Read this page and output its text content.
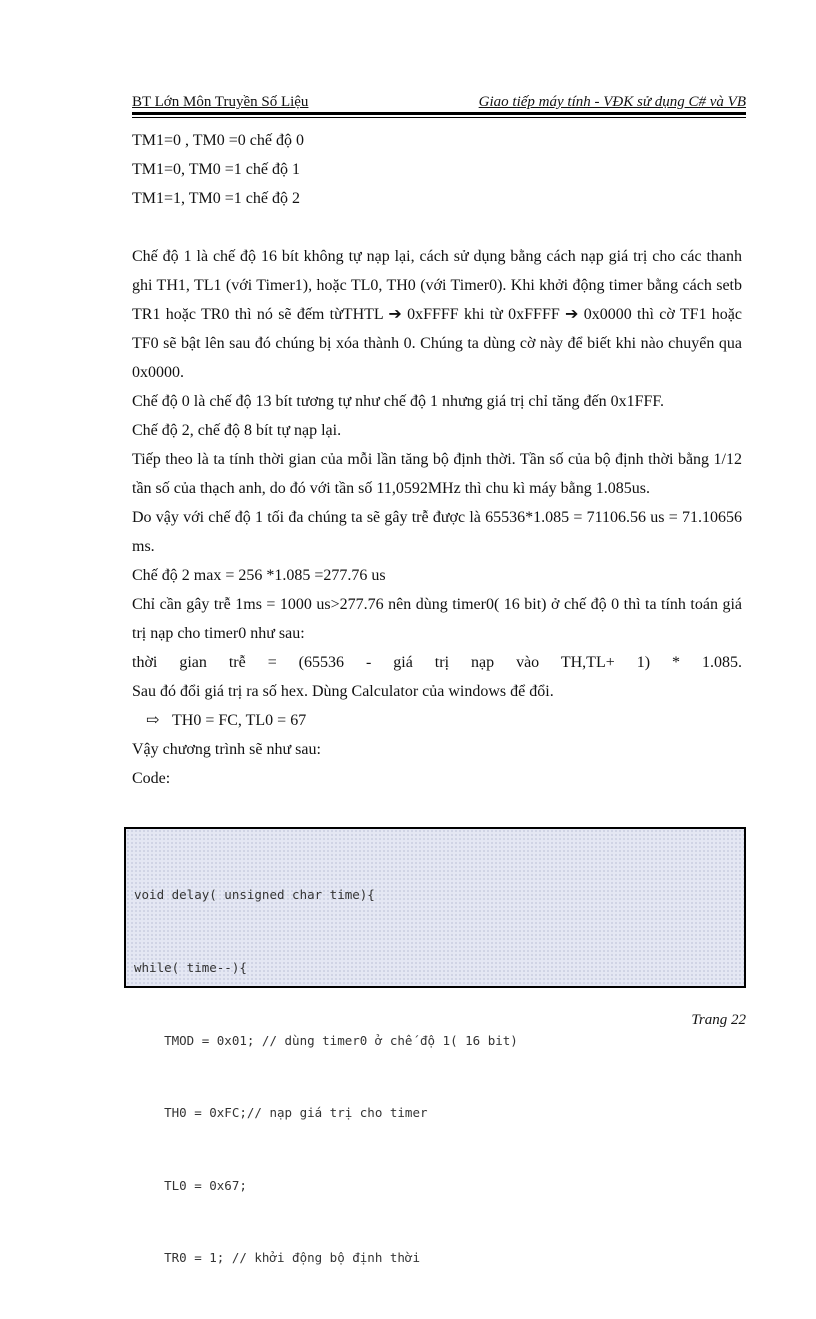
BT Lớn Môn Truyền Số Liệu	Giao tiếp máy tính - VĐK sử dụng C# và VB

TM1=0 , TM0 =0 chế độ 0

TM1=0, TM0 =1 chế độ 1

TM1=1, TM0 =1 chế độ 2

Chế độ 1 là chế độ 16 bít không tự nạp lại, cách sử dụng bằng cách nạp giá trị cho các thanh ghi TH1, TL1 (với Timer1), hoặc TL0, TH0 (với Timer0). Khi khởi động timer bằng cách setb TR1 hoặc TR0 thì nó sẽ đếm từTHTL ➔ 0xFFFF khi từ 0xFFFF ➔ 0x0000 thì cờ TF1 hoặc TF0 sẽ bật lên sau đó chúng bị xóa thành 0. Chúng ta dùng cờ này để biết khi nào chuyển qua 0x0000.

Chế độ 0 là chế độ 13 bít tương tự như chế độ 1 nhưng giá trị chỉ tăng đến 0x1FFF.

Chế độ 2, chế độ 8 bít tự nạp lại.

Tiếp theo là ta tính thời gian của mỗi lần tăng bộ định thời. Tần số của bộ định thời bằng 1/12 tần số của thạch anh, do đó với tần số 11,0592MHz thì chu kì máy bằng 1.085us.

Do vậy với chế độ 1 tối đa chúng ta sẽ gây trễ được là 65536*1.085 = 71106.56 us = 71.10656 ms.

Chế độ 2 max = 256 *1.085 =277.76 us

Chỉ cần gây trễ 1ms = 1000 us>277.76 nên dùng timer0( 16 bit) ở chế độ 0 thì ta tính toán giá trị nạp cho timer0 như sau:

thời gian trễ = (65536 - giá trị nạp vào TH,TL+ 1) * 1.085.

Sau đó đổi giá trị ra số hex. Dùng Calculator của windows để đổi.

⇨ TH0 = FC, TL0 = 67

Vậy chương trình sẽ như sau:

Code:

void delay( unsigned char time){

while( time--){

TMOD = 0x01; // dùng timer0 ở chế độ 1( 16 bit)

TH0 = 0xFC;// nạp giá trị cho timer

TL0 = 0x67;

TR0 = 1; // khởi động bộ định thời

Trang 22
